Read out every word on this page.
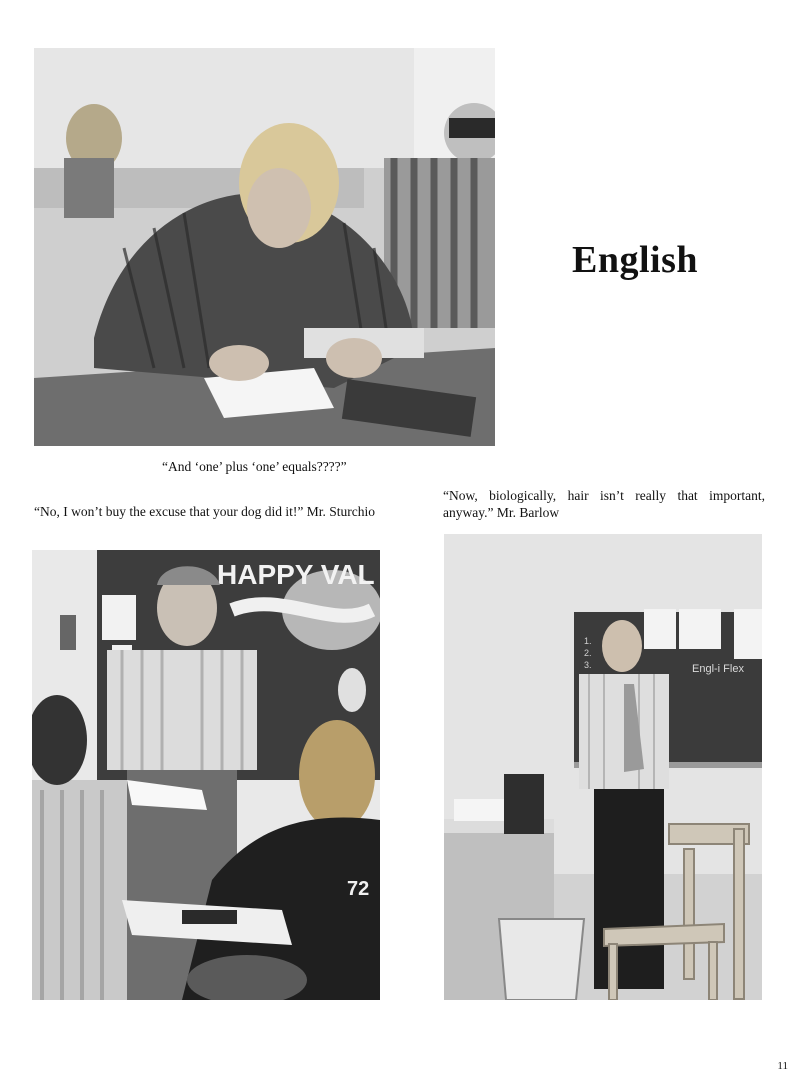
“And ‘one’ plus ‘one’ equals????”
English
“No, I won’t buy the excuse that your dog did it!” Mr. Sturchio
“Now, biologically, hair isn’t really that important, anyway.” Mr. Barlow
HAPPY VAL
72
1.
2.
3.	Engl-i Flex
11
